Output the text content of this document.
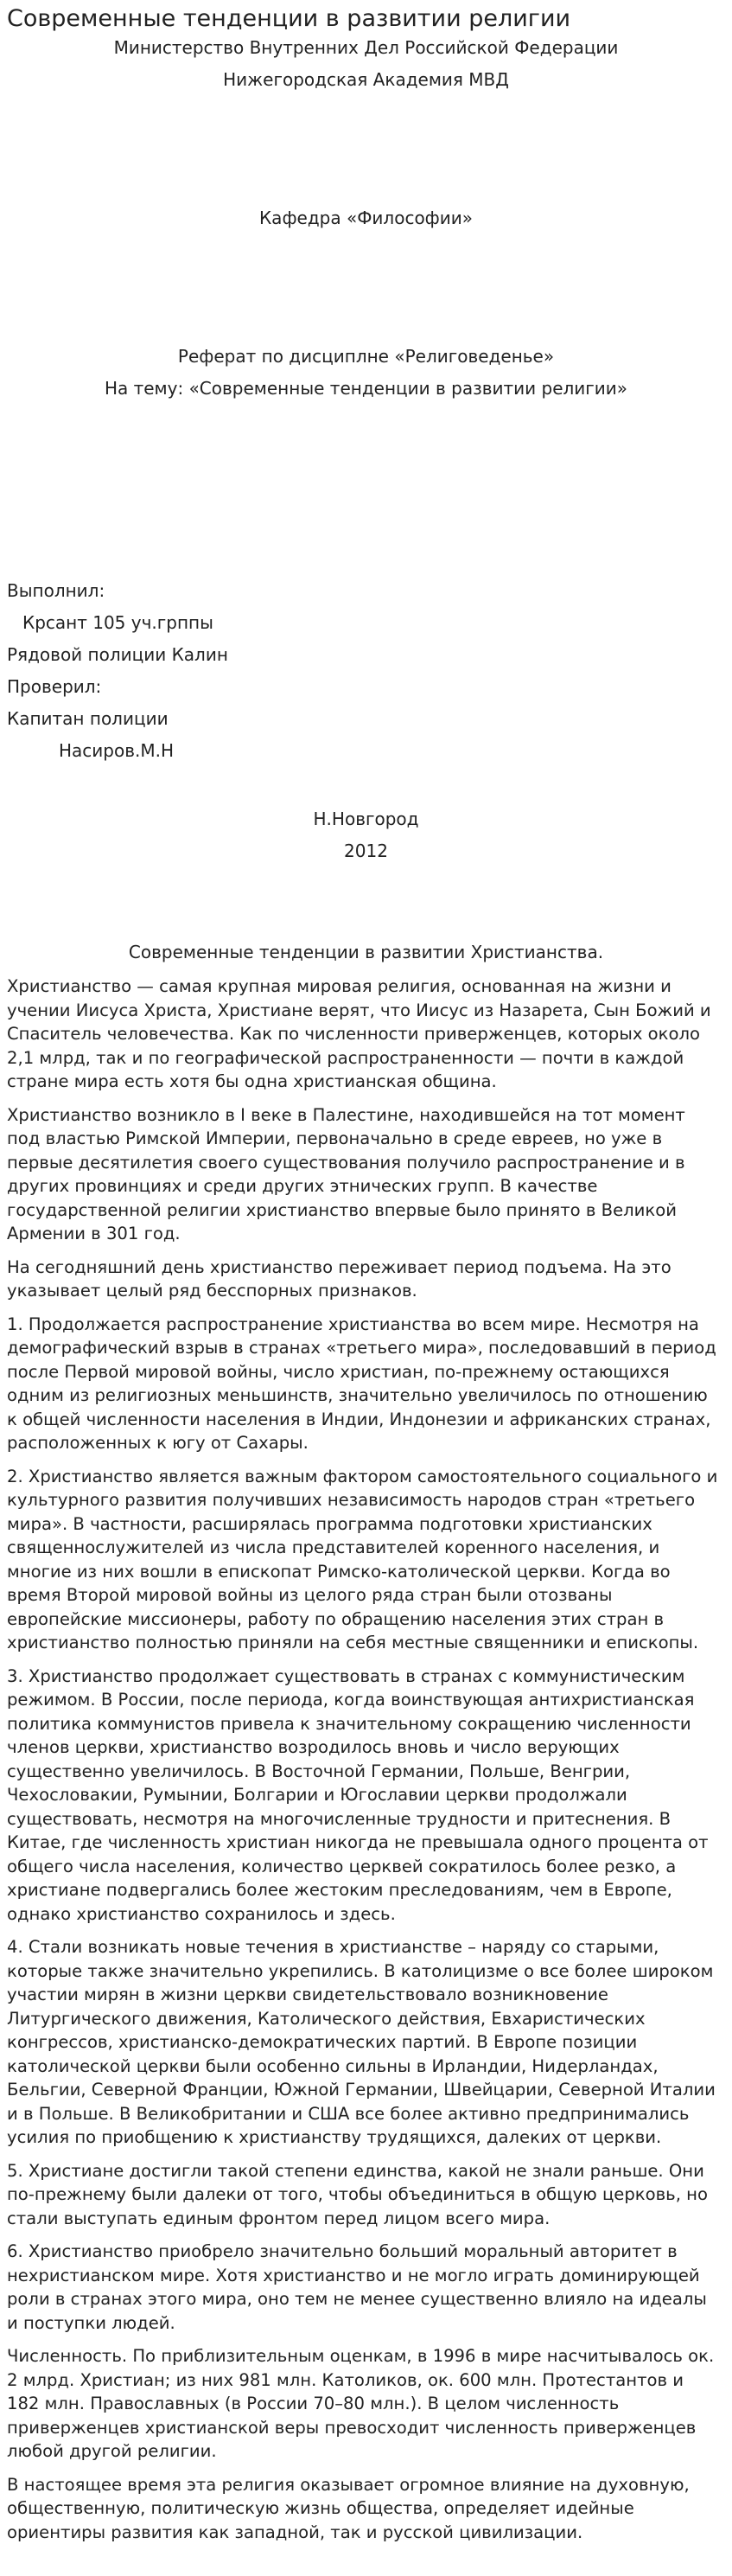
Современные тенденции в развитии религии
Министерство Внутренних Дел Российской Федерации
Нижегородская Академия МВД
Кафедра «Философии»
Реферат по дисциплне «Религоведенье»
На тему: «Современные тенденции в развитии религии»
Выполнил:
Крсант 105 уч.грппы
Рядовой полиции Калин
Проверил:
Капитан полиции
Насиров.М.Н
Н.Новгород
2012
Современные тенденции в развитии Христианства.

Христианство — самая крупная мировая религия, основанная на жизни и учении Иисуса Христа, Христиане верят, что Иисус из Назарета, Сын Божий и Спаситель человечества. Как по численности приверженцев, которых около 2,1 млрд, так и по географической распространенности — почти в каждой стране мира есть хотя бы одна христианская община.

Христианство возникло в I веке в Палестине, находившейся на тот момент под властью Римской Империи, первоначально в среде евреев, но уже в первые десятилетия своего существования получило распространение и в других провинциях и среди других этнических групп. В качестве государственной религии христианство впервые было принято в Великой Армении в 301 год.

На сегодняшний день христианство переживает период подъема. На это указывает целый ряд бесспорных признаков.

1. Продолжается распространение христианства во всем мире. Несмотря на демографический взрыв в странах «третьего мира», последовавший в период после Первой мировой войны, число христиан, по-прежнему остающихся одним из религиозных меньшинств, значительно увеличилось по отношению к общей численности населения в Индии, Индонезии и африканских странах, расположенных к югу от Сахары.

2. Христианство является важным фактором самостоятельного социального и культурного развития получивших независимость народов стран «третьего мира». В частности, расширялась программа подготовки христианских священнослужителей из числа представителей коренного населения, и многие из них вошли в епископат Римско-католической церкви. Когда во время Второй мировой войны из целого ряда стран были отозваны европейские миссионеры, работу по обращению населения этих стран в христианство полностью приняли на себя местные священники и епископы.

3. Христианство продолжает существовать в странах с коммунистическим режимом. В России, после периода, когда воинствующая антихристианская политика коммунистов привела к значительному сокращению численности членов церкви, христианство возродилось вновь и число верующих существенно увеличилось. В Восточной Германии, Польше, Венгрии, Чехословакии, Румынии, Болгарии и Югославии церкви продолжали существовать, несмотря на многочисленные трудности и притеснения. В Китае, где численность христиан никогда не превышала одного процента от общего числа населения, количество церквей сократилось более резко, а христиане подвергались более жестоким преследованиям, чем в Европе, однако христианство сохранилось и здесь.

4. Стали возникать новые течения в христианстве – наряду со старыми, которые также значительно укрепились. В католицизме о все более широком участии мирян в жизни церкви свидетельствовало возникновение Литургического движения, Католического действия, Евхаристических конгрессов, христианско-демократических партий. В Европе позиции католической церкви были особенно сильны в Ирландии, Нидерландах, Бельгии, Северной Франции, Южной Германии, Швейцарии, Северной Италии и в Польше. В Великобритании и США все более активно предпринимались усилия по приобщению к христианству трудящихся, далеких от церкви.

5. Христиане достигли такой степени единства, какой не знали раньше. Они по-прежнему были далеки от того, чтобы объединиться в общую церковь, но стали выступать единым фронтом перед лицом всего мира.

6. Христианство приобрело значительно больший моральный авторитет в нехристианском мире. Хотя христианство и не могло играть доминирующей роли в странах этого мира, оно тем не менее существенно влияло на идеалы и поступки людей.

Численность. По приблизительным оценкам, в 1996 в мире насчитывалось ок. 2 млрд. Христиан; из них 981 млн. Католиков, ок. 600 млн. Протестантов и 182 млн. Православных (в России 70–80 млн.). В целом численность приверженцев христианской веры превосходит численность приверженцев любой другой религии.

В настоящее время эта религия оказывает огромное влияние на духовную, общественную, политическую жизнь общества, определяет идейные ориентиры развития как западной, так и русской цивилизации.
